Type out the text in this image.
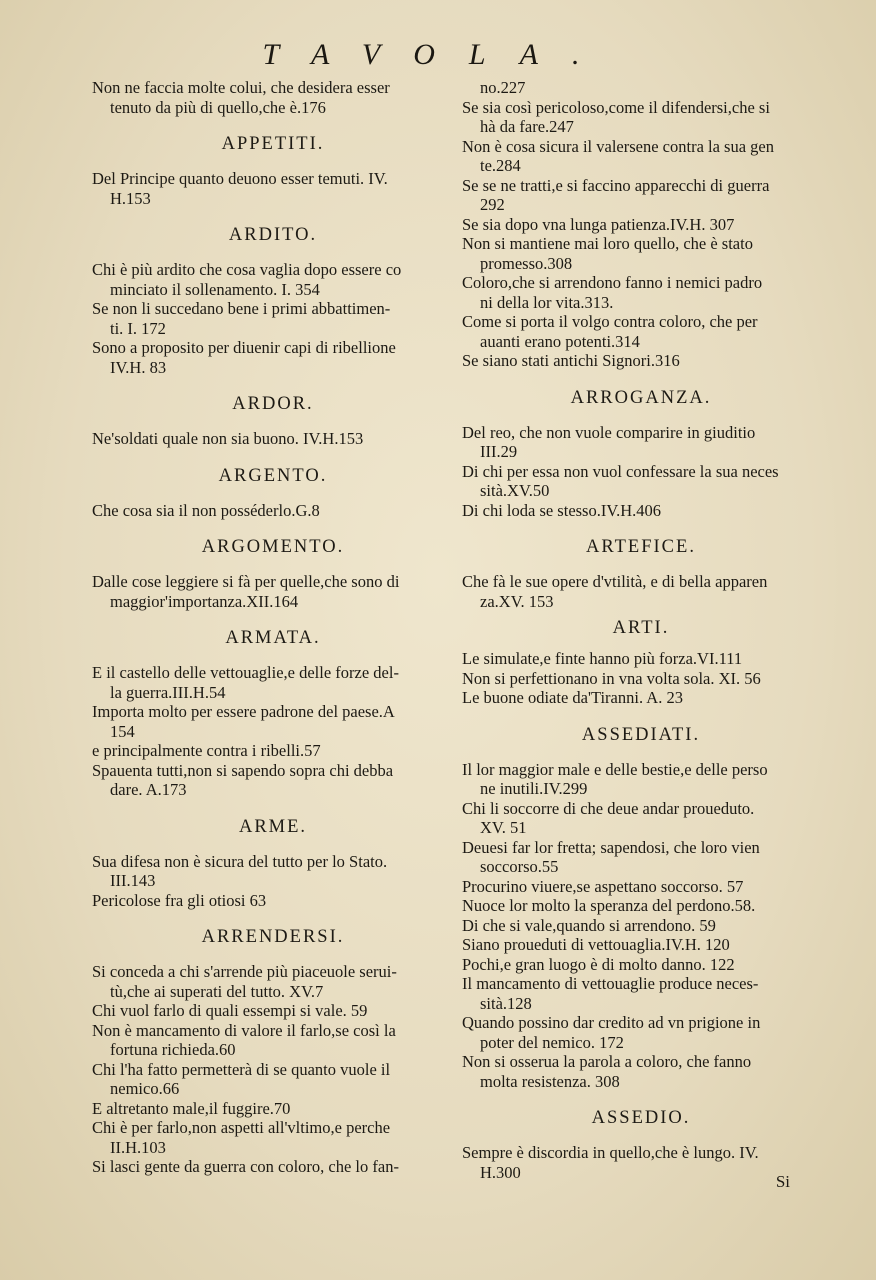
TAVOLA.

Non ne faccia molte colui, che desidera esser
tenuto da più di quello,che è.176

APPETITI.

Del Principe quanto deuono esser temuti. IV.
H.153

ARDITO.

Chi è più ardito che cosa vaglia dopo essere co
minciato il sollenamento. I. 354

Se non li succedano bene i primi abbattimen-
ti. I. 172

Sono a proposito per diuenir capi di ribellione
IV.H. 83

ARDOR.

Ne'soldati quale non sia buono. IV.H.153

ARGENTO.

Che cosa sia il non posséderlo.G.8

ARGOMENTO.

Dalle cose leggiere si fà per quelle,che sono di
maggior'importanza.XII.164

ARMATA.

E il castello delle vettouaglie,e delle forze del-
la guerra.III.H.54

Importa molto per essere padrone del paese.A
154

e principalmente contra i ribelli.57

Spauenta tutti,non si sapendo sopra chi debba
dare. A.173

ARME.

Sua difesa non è sicura del tutto per lo Stato.
III.143

Pericolose fra gli otiosi 63

ARRENDERSI.

Si conceda a chi s'arrende più piaceuole serui-
tù,che ai superati del tutto. XV.7

Chi vuol farlo di quali essempi si vale. 59

Non è mancamento di valore il farlo,se così la
fortuna richieda.60

Chi l'ha fatto permetterà di se quanto vuole il
nemico.66

E altretanto male,il fuggire.70

Chi è per farlo,non aspetti all'vltimo,e perche
II.H.103

Si lasci gente da guerra con coloro, che lo fan-

no.227

Se sia così pericoloso,come il difendersi,che si
hà da fare.247

Non è cosa sicura il valersene contra la sua gen
te.284

Se se ne tratti,e si faccino apparecchi di guerra
292

Se sia dopo vna lunga patienza.IV.H. 307

Non si mantiene mai loro quello, che è stato
promesso.308

Coloro,che si arrendono fanno i nemici padro
ni della lor vita.313.

Come si porta il volgo contra coloro, che per
auanti erano potenti.314

Se siano stati antichi Signori.316

ARROGANZA.

Del reo, che non vuole comparire in giuditio
III.29

Di chi per essa non vuol confessare la sua neces
sità.XV.50

Di chi loda se stesso.IV.H.406

ARTEFICE.

Che fà le sue opere d'vtilità, e di bella apparen
za.XV. 153

ARTI.

Le simulate,e finte hanno più forza.VI.111

Non si perfettionano in vna volta sola. XI. 56

Le buone odiate da'Tiranni. A. 23

ASSEDIATI.

Il lor maggior male e delle bestie,e delle perso
ne inutili.IV.299

Chi li soccorre di che deue andar proueduto.
XV. 51

Deuesi far lor fretta; sapendosi, che loro vien
soccorso.55

Procurino viuere,se aspettano soccorso. 57

Nuoce lor molto la speranza del perdono.58.

Di che si vale,quando si arrendono. 59

Siano proueduti di vettouaglia.IV.H. 120

Pochi,e gran luogo è di molto danno. 122

Il mancamento di vettouaglie produce neces-
sità.128

Quando possino dar credito ad vn prigione in
poter del nemico. 172

Non si osserua la parola a coloro, che fanno
molta resistenza. 308

ASSEDIO.

Sempre è discordia in quello,che è lungo. IV.
H.300	Si
